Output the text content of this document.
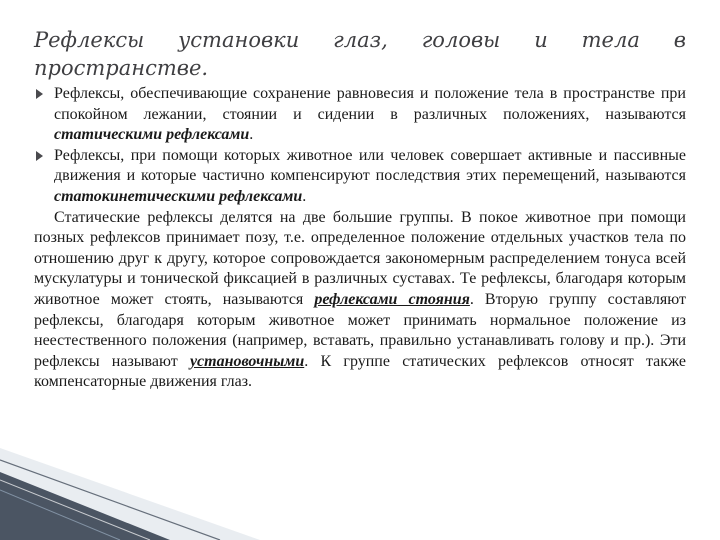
Рефлексы установки глаз, головы и тела в
пространстве.

Рефлексы, обеспечивающие сохранение равновесия и положение тела в пространстве при спокойном лежании, стоянии и сидении в различных положениях, называются статическими рефлексами.

Рефлексы, при помощи которых животное или человек совершает активные и пассивные движения и которые частично компенсируют последствия этих перемещений, называются статокинетическими рефлексами.

Статические рефлексы делятся на две большие группы. В покое животное при помощи позных рефлексов принимает позу, т.е. определенное положение отдельных участков тела по отношению друг к другу, которое сопровождается закономерным распределением тонуса всей мускулатуры и тонической фиксацией в различных суставах. Те рефлексы, благодаря которым животное может стоять, называются рефлексами стояния. Вторую группу составляют рефлексы, благодаря которым животное может принимать нормальное положение из неестественного положения (например, вставать, правильно устанавливать голову и пр.). Эти рефлексы называют установочными. К группе статических рефлексов относят также компенсаторные движения глаз.
